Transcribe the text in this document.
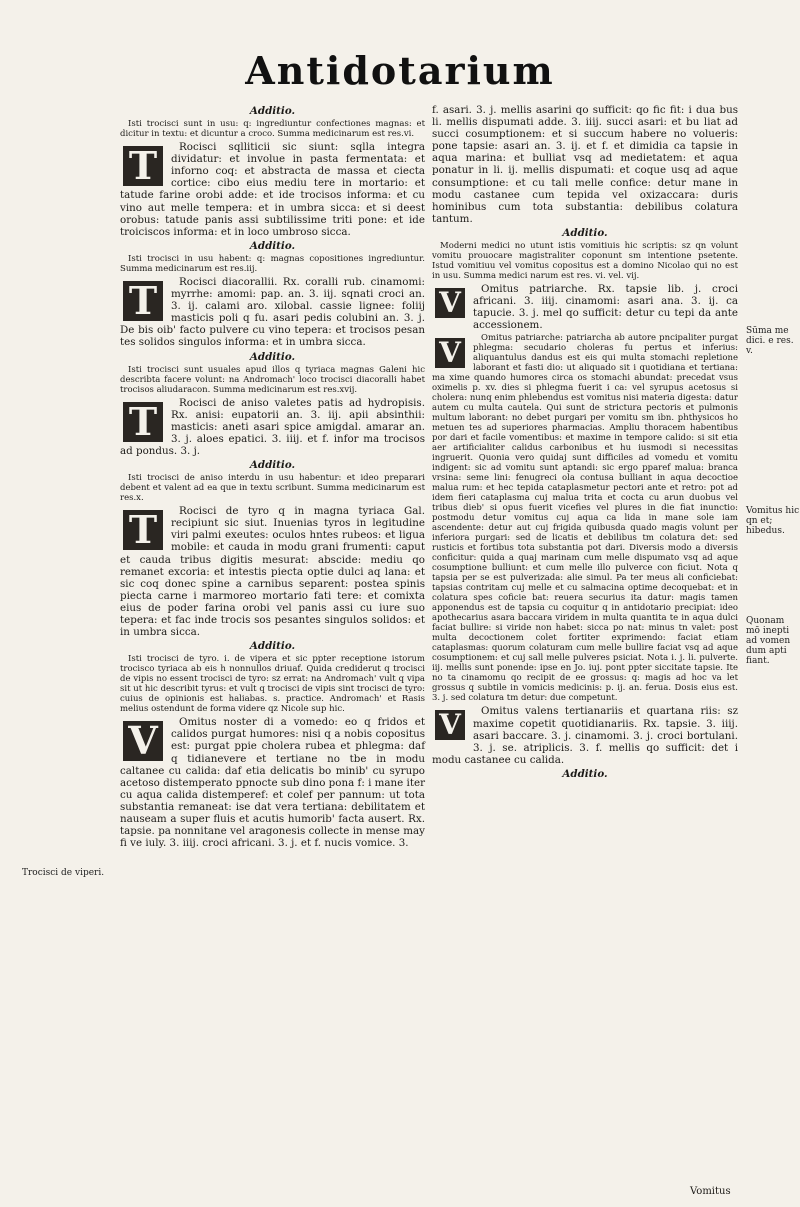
Antidotarium
Additio.

Isti trocisci sunt in usu: q: ingrediuntur confectiones magnas: et dicitur in textu: et dicuntur a croco. Summa medicinarum est res.vi.

T	Rocisci sqlliticii sic siunt: sqlla integra dividatur: et involue in pasta fermentata: et inforno coq: et abstracta de massa et ciecta cortice: cibo eius mediu tere in mortario: et tatude farine orobi adde: et ide trocisos informa: et cu vino aut melle tempera: et in umbra sicca: et si deest orobus: tatude panis assi subtilissime triti pone: et ide troiciscos informa: et in loco umbroso sicca.

Additio.

Isti trocisci in usu habent: q: magnas copositiones ingrediuntur. Summa medicinarum est res.iij.

T	Rocisci diacorallii. Rx. coralli rub. cinamomi: myrrhe: amomi: pap. an. 3. iij. sqnati croci an. 3. ij. calami aro. xilobal. cassie lignee: foliij masticis poli q fu. asari pedis colubini an. 3. j. De bis oib' facto pulvere cu vino tepera: et trocisos pesan tes solidos singulos informa: et in umbra sicca.

Additio.

Isti trocisci sunt usuales apud illos q tyriaca magnas Galeni hic describta facere volunt: na Andromach' loco trocisci diacoralli habet trocisos aliudaracon. Summa medicinarum est res.xvij.

T	Rocisci de aniso valetes patis ad hydropisis. Rx. anisi: eupatorii an. 3. iij. apii absinthii: masticis: aneti asari spice amigdal. amarar an. 3. j. aloes epatici. 3. iiij. et f. infor ma trocisos ad pondus. 3. j.

Additio.

Isti trocisci de aniso interdu in usu habentur: et ideo preparari debent et valent ad ea que in textu scribunt. Summa medicinarum est res.x.

T	Rocisci de tyro q in magna tyriaca Gal. recipiunt sic siut. Inuenias tyros in legitudine viri palmi exeutes: oculos hntes rubeos: et ligua mobile: et cauda in modu grani frumenti: caput et cauda tribus digitis mesurat: abscide: mediu qo remanet excoria: et intestis piecta optie dulci aq lana: et sic coq donec spine a carnibus separent: postea spinis piecta carne i marmoreo mortario fati tere: et comixta eius de poder farina orobi vel panis assi cu iure suo tepera: et fac inde trocis sos pesantes singulos solidos: et in umbra sicca.

Additio.

Isti trocisci de tyro. i. de vipera et sic ppter receptione istorum trocisco tyriaca ab eis h nonnullos driuaf. Quida crediderut q trocisci de vipis no essent trocisci de tyro: sz errat: na Andromach' vult q vipa sit ut hic describit tyrus: et vult q trocisci de vipis sint trocisci de tyro: cuius de opinionis est haliabas. s. practice. Andromach' et Rasis melius ostendunt de forma videre qz Nicole sup hic.

V	Omitus noster di a vomedo: eo q fridos et calidos purgat humores: nisi q a nobis copositus est: purgat ppie cholera rubea et phlegma: daf q tidianevere et tertiane no tbe in modu caltanee cu calida: daf etia delicatis bo minib' cu syrupo acetoso distemperato ppnocte sub dino pona f: i mane iter cu aqua calida distemperef: et colef per pannum: ut tota substantia remaneat: ise dat vera tertiana: debilitatem et nauseam a super fluis et acutis humorib' facta ausert. Rx. tapsie. pa nonnitane vel aragonesis collecte in mense may fi ve iuly. 3. iiij. croci africani. 3. j. et f. nucis vomice. 3.

f. asari. 3. j. mellis asarini qo sufficit: qo fic fit: i dua bus li. mellis dispumati adde. 3. iiij. succi asari: et bu liat ad succi cosumptionem: et si succum habere no volueris: pone tapsie: asari an. 3. ij. et f. et dimidia ca tapsie in aqua marina: et bulliat vsq ad medietatem: et aqua ponatur in li. ij. mellis dispumati: et coque usq ad aque consumptione: et cu tali melle confice: detur mane in modu castanee cum tepida vel oxizaccara: duris hominibus cum tota substantia: debilibus colatura tantum.

Additio.

Moderni medici no utunt istis vomitiuis hic scriptis: sz qn volunt vomitu prouocare magistraliter coponunt sm intentione psetente. Istud vomitiuu vel vomitus copositus est a domino Nicolao qui no est in usu. Summa medici narum est res. vi. vel. vij.

V	Omitus patriarche. Rx. tapsie lib. j. croci africani. 3. iiij. cinamomi: asari ana. 3. ij. ca tapucie. 3. j. mel qo sufficit: detur cu tepi da ante accessionem.

V	Omitus patriarche: patriarcha ab autore pncipaliter purgat phlegma: secudario choleras fu pertus et inferius: aliquantulus dandus est eis qui multa stomachi repletione laborant et fasti dio: ut aliquado sit i quotidiana et tertiana: ma xime quando humores circa os stomachi abundat: precedat vsus oximelis p. xv. dies si phlegma fuerit i ca: vel syrupus acetosus si cholera: nunq enim phlebendus est vomitus nisi materia digesta: datur autem cu multa cautela. Qui sunt de strictura pectoris et pulmonis multum laborant: no debet purgari per vomitu sm ibn. phthysicos ho metuen tes ad superiores pharmacias. Ampliu thoracem habentibus por dari et facile vomentibus: et maxime in tempore calido: si sit etia aer artificialiter calidus carbonibus et hu iusmodi si necessitas ingruerit. Quonia vero quidaj sunt difficiles ad vomedu et vomitu indigent: sic ad vomitu sunt aptandi: sic ergo pparef malua: branca vrsina: seme lini: fenugreci ola contusa bulliant in aqua decoctioe malua rum: et hec tepida cataplasmetur pectori ante et retro: pot ad idem fieri cataplasma cuj malua trita et cocta cu arun duobus vel tribus dieb' si opus fuerit vicefies vel plures in die fiat inunctio: postmodu detur vomitus cuj aqua ca lida in mane sole iam ascendente: detur aut cuj frigida quibusda quado magis volunt per inferiora purgari: sed de licatis et debilibus tm colatura det: sed rusticis et fortibus tota substantia pot dari. Diversis modo a diversis conficitur: quida a quaj marinam cum melle dispumato vsq ad aque cosumptione bulliunt: et cum melle illo pulverce con ficiut. Nota q tapsia per se est pulverizada: alie simul. Pa ter meus ali conficiebat: tapsias contritam cuj melle et cu salmacina optime decoquebat: et in colatura spes coficie bat: reuera securius ita datur: magis tamen apponendus est de tapsia cu coquitur q in antidotario precipiat: ideo apothecarius asara baccara viridem in multa quantita te in aqua dulci faciat bullire: si viride non habet: sicca po nat: minus tn valet: post multa decoctionem colet fortiter exprimendo: faciat etiam cataplasmas: quorum colaturam cum melle bullire faciat vsq ad aque cosumptionem: et cuj sall melle pulveres psiciat. Nota i. j. li. pulverte. iij. mellis sunt ponende: ipse en Jo. iuj. pont ppter siccitate tapsie. Ite no ta cinamomu qo recipit de ee grossus: q: magis ad hoc va let grossus q subtile in vomicis medicinis: p. ij. an. ferua. Dosis eius est. 3. j. sed colatura tm detur: due competunt.

V	Omitus valens tertianariis et quartana riis: sz maxime copetit quotidianariis. Rx. tapsie. 3. iiij. asari baccare. 3. j. cinamomi. 3. j. croci bortulani. 3. j. se. atriplicis. 3. f. mellis qo sufficit: det i modu castanee cu calida.

Additio.
Trocisci de viperi.
Sūma me dici. e res. v.
Vomitus hic qn et; hibedus.
Quonam mō inepti ad vomen dum apti fiant.
Vomitus
